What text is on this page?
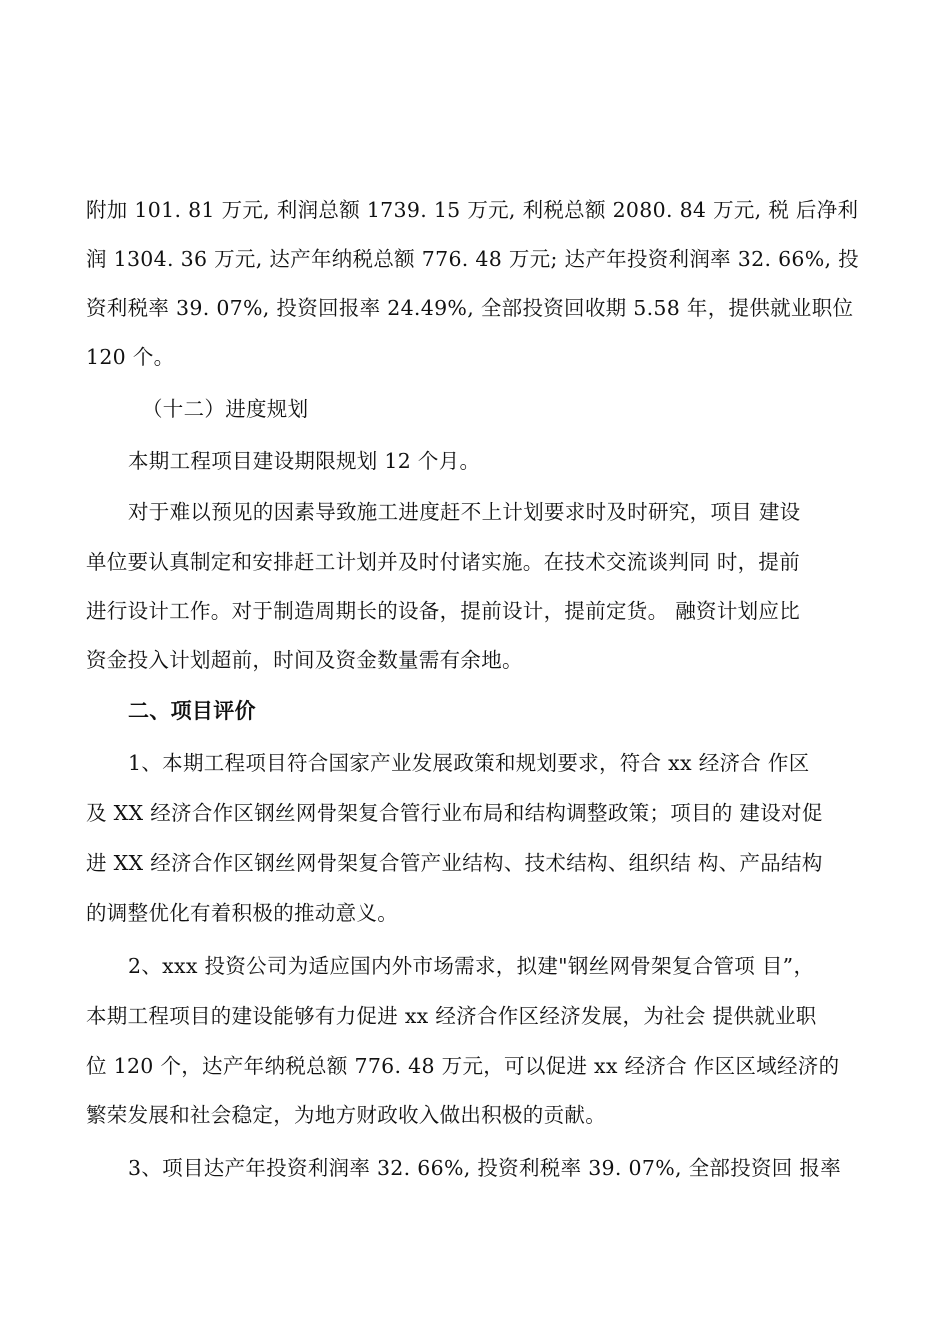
附加 101. 81 万元, 利润总额 1739. 15 万元, 利税总额 2080. 84 万元, 税 后净利
润 1304. 36 万元, 达产年纳税总额 776. 48 万元; 达产年投资利润率 32. 66%, 投
资利税率 39. 07%, 投资回报率 24.49%, 全部投资回收期 5.58 年，提供就业职位
120 个。
（十二）进度规划
本期工程项目建设期限规划 12 个月。
对于难以预见的因素导致施工进度赶不上计划要求时及时研究，项目 建设
单位要认真制定和安排赶工计划并及时付诸实施。在技术交流谈判同 时，提前
进行设计工作。对于制造周期长的设备，提前设计，提前定货。 融资计划应比
资金投入计划超前，时间及资金数量需有余地。
二、项目评价
1、本期工程项目符合国家产业发展政策和规划要求，符合 xx 经济合 作区
及 XX 经济合作区钢丝网骨架复合管行业布局和结构调整政策；项目的 建设对促
进 XX 经济合作区钢丝网骨架复合管产业结构、技术结构、组织结 构、产品结构
的调整优化有着积极的推动意义。
2、xxx 投资公司为适应国内外市场需求，拟建"钢丝网骨架复合管项 目”，
本期工程项目的建设能够有力促进 xx 经济合作区经济发展，为社会 提供就业职
位 120 个，达产年纳税总额 776. 48 万元，可以促进 xx 经济合 作区区域经济的
繁荣发展和社会稳定，为地方财政收入做出积极的贡献。
3、项目达产年投资利润率 32. 66%, 投资利税率 39. 07%, 全部投资回 报率
